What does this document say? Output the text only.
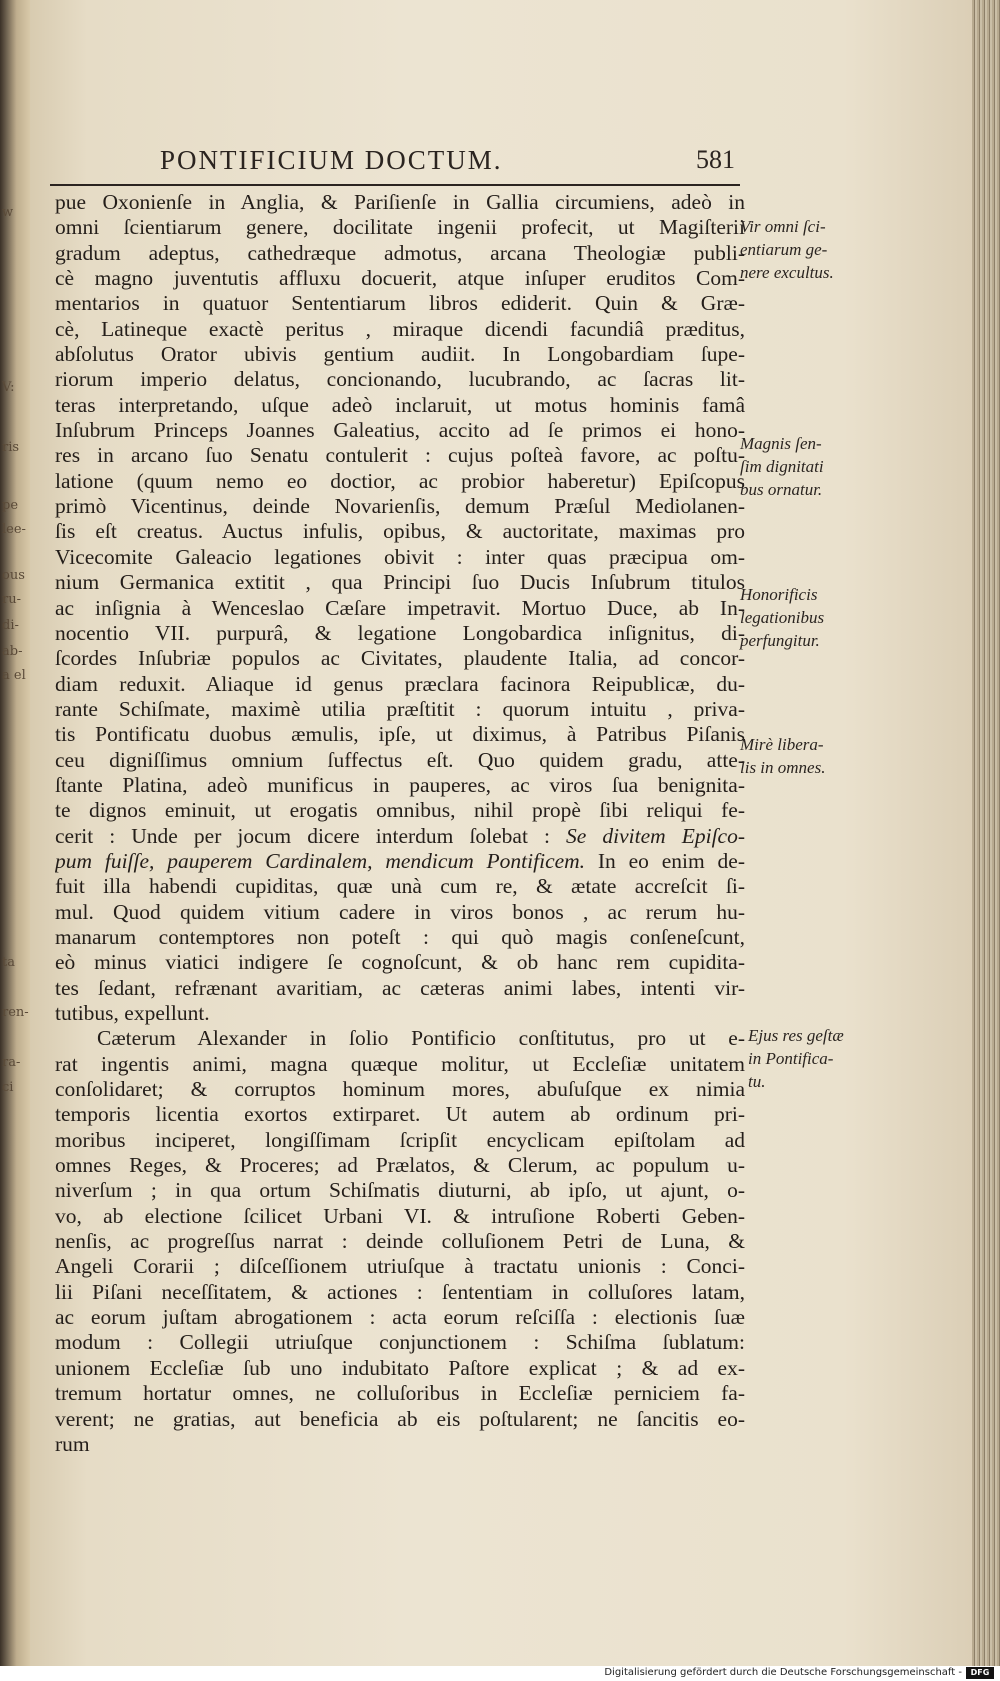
w
V:
ris
pe
lee-
ous
ru-
di-
ab-
a el
ta
ren-
ra-
ci
PONTIFICIUM DOCTUM.	581
pue Oxonienſe in Anglia, & Pariſienſe in Gallia circumiens, adeò in
omni ſcientiarum genere, docilitate ingenii profecit, ut Magiſterii
gradum adeptus, cathedræque admotus, arcana Theologiæ publi-
cè magno juventutis affluxu docuerit, atque inſuper eruditos Com-
mentarios in quatuor Sententiarum libros ediderit. Quin & Græ-
cè, Latineque exactè peritus , miraque dicendi facundiâ præditus,
abſolutus Orator ubivis gentium audiit. In Longobardiam ſupe-
riorum imperio delatus, concionando, lucubrando, ac ſacras lit-
teras interpretando, uſque adeò inclaruit, ut motus hominis famâ
Inſubrum Princeps Joannes Galeatius, accito ad ſe primos ei hono-
res in arcano ſuo Senatu contulerit : cujus poſteà favore, ac poſtu-
latione (quum nemo eo doctior, ac probior haberetur) Epiſcopus
primò Vicentinus, deinde Novarienſis, demum Præſul Mediolanen-
ſis eſt creatus. Auctus infulis, opibus, & auctoritate, maximas pro
Vicecomite Galeacio legationes obivit : inter quas præcipua om-
nium Germanica extitit , qua Principi ſuo Ducis Inſubrum titulos
ac inſignia à Wenceslao Cæſare impetravit. Mortuo Duce, ab In-
nocentio VII. purpurâ, & legatione Longobardica inſignitus, di-
ſcordes Inſubriæ populos ac Civitates, plaudente Italia, ad concor-
diam reduxit. Aliaque id genus præclara facinora Reipublicæ, du-
rante Schiſmate, maximè utilia præſtitit : quorum intuitu , priva-
tis Pontificatu duobus æmulis, ipſe, ut diximus, à Patribus Piſanis
ceu digniſſimus omnium ſuffectus eſt. Quo quidem gradu, atte-
ſtante Platina, adeò munificus in pauperes, ac viros ſua benignita-
te dignos eminuit, ut erogatis omnibus, nihil propè ſibi reliqui fe-
cerit : Unde per jocum dicere interdum ſolebat : Se divitem Epiſco-
pum fuiſſe, pauperem Cardinalem, mendicum Pontificem. In eo enim de-
fuit illa habendi cupiditas, quæ unà cum re, & ætate accreſcit ſi-
mul. Quod quidem vitium cadere in viros bonos , ac rerum hu-
manarum contemptores non poteſt : qui quò magis conſeneſcunt,
eò minus viatici indigere ſe cognoſcunt, & ob hanc rem cupidita-
tes ſedant, refrænant avaritiam, ac cæteras animi labes, intenti vir-
tutibus, expellunt.
Cæterum Alexander in ſolio Pontificio conſtitutus, pro ut e-
rat ingentis animi, magna quæque molitur, ut Eccleſiæ unitatem
conſolidaret; & corruptos hominum mores, abuſuſque ex nimia
temporis licentia exortos extirparet. Ut autem ab ordinum pri-
moribus inciperet, longiſſimam ſcripſit encyclicam epiſtolam ad
omnes Reges, & Proceres; ad Prælatos, & Clerum, ac populum u-
niverſum ; in qua ortum Schiſmatis diuturni, ab ipſo, ut ajunt, o-
vo, ab electione ſcilicet Urbani VI. & intruſione Roberti Geben-
nenſis, ac progreſſus narrat : deinde colluſionem Petri de Luna, &
Angeli Corarii ; diſceſſionem utriuſque à tractatu unionis : Conci-
lii Piſani neceſſitatem, & actiones : ſententiam in colluſores latam,
ac eorum juſtam abrogationem : acta eorum reſciſſa : electionis ſuæ
modum : Collegii utriuſque conjunctionem : Schiſma ſublatum:
unionem Eccleſiæ ſub uno indubitato Paſtore explicat ; & ad ex-
tremum hortatur omnes, ne colluſoribus in Eccleſiæ perniciem fa-
verent; ne gratias, aut beneficia ab eis poſtularent; ne ſancitis eo-
rum
Vir omni ſci-
entiarum ge-
nere excultus.
Magnis ſen-
ſim dignitati
bus ornatur.
Honorificis
legationibus
perfungitur.
Mirè libera-
lis in omnes.
Ejus res geſtæ
in Pontifica-
tu.
Digitalisierung gefördert durch die Deutsche Forschungsgemeinschaft -	DFG
